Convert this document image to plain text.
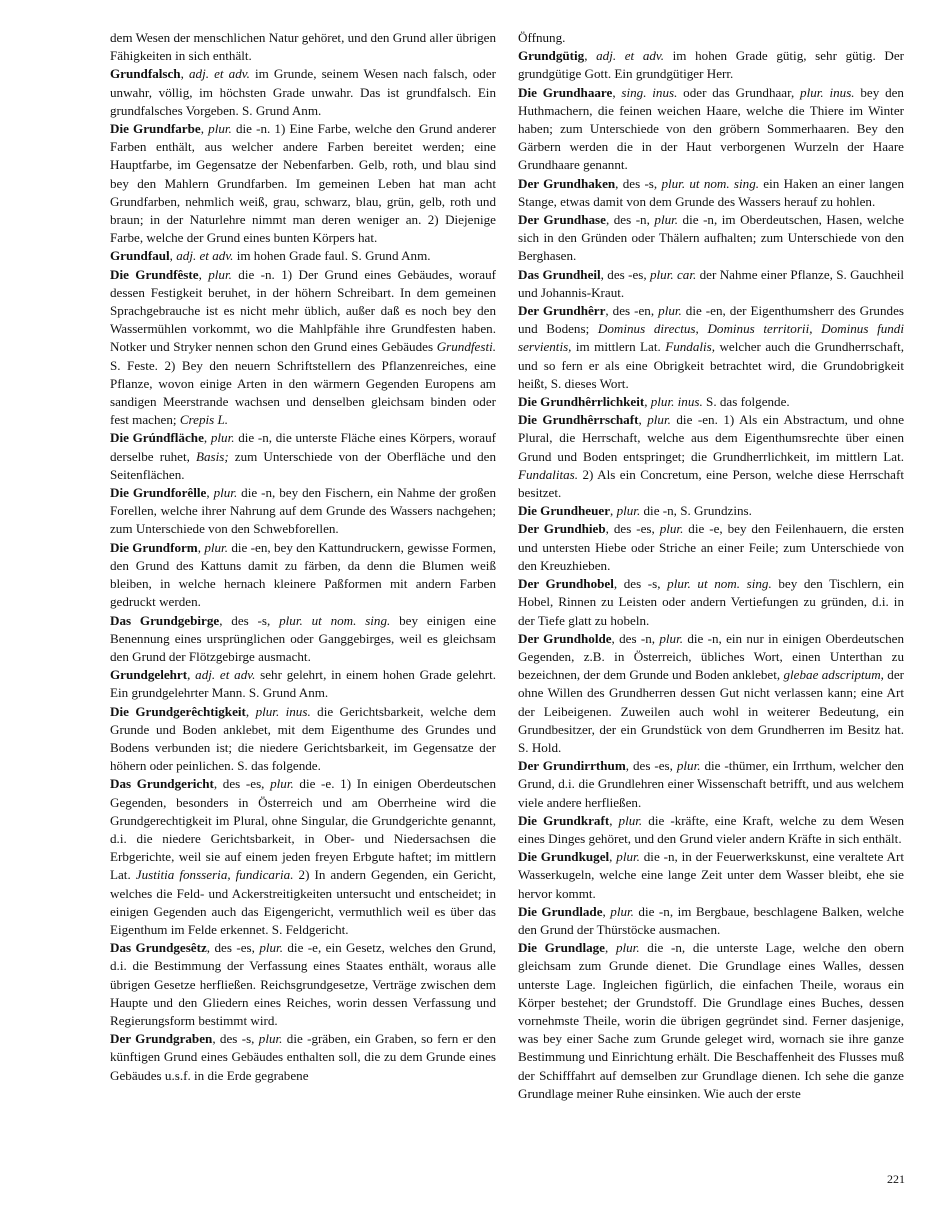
dem Wesen der menschlichen Natur gehöret, und den Grund aller übrigen Fähigkeiten in sich enthält.

Grundfalsch, adj. et adv. im Grunde, seinem Wesen nach falsch, oder unwahr, völlig, im höchsten Grade unwahr. Das ist grundfalsch. Ein grundfalsches Vorgeben. S. Grund Anm.

Die Grundfarbe, plur. die -n. 1) Eine Farbe, welche den Grund anderer Farben enthält, aus welcher andere Farben bereitet werden; eine Hauptfarbe, im Gegensatze der Nebenfarben. Gelb, roth, und blau sind bey den Mahlern Grundfarben. Im gemeinen Leben hat man acht Grundfarben, nehmlich weiß, grau, schwarz, blau, grün, gelb, roth und braun; in der Naturlehre nimmt man deren weniger an. 2) Diejenige Farbe, welche der Grund eines bunten Körpers hat.

Grundfaul, adj. et adv. im hohen Grade faul. S. Grund Anm.

Die Grundfêste, plur. die -n. 1) Der Grund eines Gebäudes, worauf dessen Festigkeit beruhet, in der höhern Schreibart. In dem gemeinen Sprachgebrauche ist es nicht mehr üblich, außer daß es noch bey den Wassermühlen vorkommt, wo die Mahlpfähle ihre Grundfesten haben. Notker und Stryker nennen schon den Grund eines Gebäudes Grundfesti. S. Feste. 2) Bey den neuern Schriftstellern des Pflanzenreiches, eine Pflanze, wovon einige Arten in den wärmern Gegenden Europens am sandigen Meerstrande wachsen und denselben gleichsam binden oder fest machen; Crepis L.

Die Grúndfläche, plur. die -n, die unterste Fläche eines Körpers, worauf derselbe ruhet, Basis; zum Unterschiede von der Oberfläche und den Seitenflächen.

Die Grundforêlle, plur. die -n, bey den Fischern, ein Nahme der großen Forellen, welche ihrer Nahrung auf dem Grunde des Wassers nachgehen; zum Unterschiede von den Schwebforellen.

Die Grundform, plur. die -en, bey den Kattundruckern, gewisse Formen, den Grund des Kattuns damit zu färben, da denn die Blumen weiß bleiben, in welche hernach kleinere Paßformen mit andern Farben gedruckt werden.

Das Grundgebirge, des -s, plur. ut nom. sing. bey einigen eine Benennung eines ursprünglichen oder Ganggebirges, weil es gleichsam den Grund der Flötzgebirge ausmacht.

Grundgelehrt, adj. et adv. sehr gelehrt, in einem hohen Grade gelehrt. Ein grundgelehrter Mann. S. Grund Anm.

Die Grundgerêchtigkeit, plur. inus. die Gerichtsbarkeit, welche dem Grunde und Boden anklebet, mit dem Eigenthume des Grundes und Bodens verbunden ist; die niedere Gerichtsbarkeit, im Gegensatze der höhern oder peinlichen. S. das folgende.

Das Grundgericht, des -es, plur. die -e. 1) In einigen Oberdeutschen Gegenden, besonders in Österreich und am Oberrheine wird die Grundgerechtigkeit im Plural, ohne Singular, die Grundgerichte genannt, d.i. die niedere Gerichtsbarkeit, in Ober- und Niedersachsen die Erbgerichte, weil sie auf einem jeden freyen Erbgute haftet; im mittlern Lat. Justitia fonsseria, fundicaria. 2) In andern Gegenden, ein Gericht, welches die Feld- und Ackerstreitigkeiten untersucht und entscheidet; in einigen Gegenden auch das Eigengericht, vermuthlich weil es über das Eigenthum im Felde erkennet. S. Feldgericht.

Das Grundgesêtz, des -es, plur. die -e, ein Gesetz, welches den Grund, d.i. die Bestimmung der Verfassung eines Staates enthält, woraus alle übrigen Gesetze herfließen. Reichsgrundgesetze, Verträge zwischen dem Haupte und den Gliedern eines Reiches, worin dessen Verfassung und Regierungsform bestimmt wird.

Der Grundgraben, des -s, plur. die -gräben, ein Graben, so fern er den künftigen Grund eines Gebäudes enthalten soll, die zu dem Grunde eines Gebäudes u.s.f. in die Erde gegrabene

Öffnung.

Grundgütig, adj. et adv. im hohen Grade gütig, sehr gütig. Der grundgütige Gott. Ein grundgütiger Herr.

Die Grundhaare, sing. inus. oder das Grundhaar, plur. inus. bey den Huthmachern, die feinen weichen Haare, welche die Thiere im Winter haben; zum Unterschiede von den gröbern Sommerhaaren. Bey den Gärbern werden die in der Haut verborgenen Wurzeln der Haare Grundhaare genannt.

Der Grundhaken, des -s, plur. ut nom. sing. ein Haken an einer langen Stange, etwas damit von dem Grunde des Wassers herauf zu hohlen.

Der Grundhase, des -n, plur. die -n, im Oberdeutschen, Hasen, welche sich in den Gründen oder Thälern aufhalten; zum Unterschiede von den Berghasen.

Das Grundheil, des -es, plur. car. der Nahme einer Pflanze, S. Gauchheil und Johannis-Kraut.

Der Grundhêrr, des -en, plur. die -en, der Eigenthumsherr des Grundes und Bodens; Dominus directus, Dominus territorii, Dominus fundi servientis, im mittlern Lat. Fundalis, welcher auch die Grundherrschaft, und so fern er als eine Obrigkeit betrachtet wird, die Grundobrigkeit heißt, S. dieses Wort.

Die Grundhêrrlichkeit, plur. inus. S. das folgende.

Die Grundhêrrschaft, plur. die -en. 1) Als ein Abstractum, und ohne Plural, die Herrschaft, welche aus dem Eigenthumsrechte über einen Grund und Boden entspringet; die Grundherrlichkeit, im mittlern Lat. Fundalitas. 2) Als ein Concretum, eine Person, welche diese Herrschaft besitzet.

Die Grundheuer, plur. die -n, S. Grundzins.

Der Grundhieb, des -es, plur. die -e, bey den Feilenhauern, die ersten und untersten Hiebe oder Striche an einer Feile; zum Unterschiede von den Kreuzhieben.

Der Grundhobel, des -s, plur. ut nom. sing. bey den Tischlern, ein Hobel, Rinnen zu Leisten oder andern Vertiefungen zu gründen, d.i. in der Tiefe glatt zu hobeln.

Der Grundholde, des -n, plur. die -n, ein nur in einigen Oberdeutschen Gegenden, z.B. in Österreich, übliches Wort, einen Unterthan zu bezeichnen, der dem Grunde und Boden anklebet, glebae adscriptum, der ohne Willen des Grundherren dessen Gut nicht verlassen kann; eine Art der Leibeigenen. Zuweilen auch wohl in weiterer Bedeutung, ein Grundbesitzer, der ein Grundstück von dem Grundherren im Besitz hat. S. Hold.

Der Grundirrthum, des -es, plur. die -thümer, ein Irrthum, welcher den Grund, d.i. die Grundlehren einer Wissenschaft betrifft, und aus welchem viele andere herfließen.

Die Grundkraft, plur. die -kräfte, eine Kraft, welche zu dem Wesen eines Dinges gehöret, und den Grund vieler andern Kräfte in sich enthält.

Die Grundkugel, plur. die -n, in der Feuerwerkskunst, eine veraltete Art Wasserkugeln, welche eine lange Zeit unter dem Wasser bleibt, ehe sie hervor kommt.

Die Grundlade, plur. die -n, im Bergbaue, beschlagene Balken, welche den Grund der Thürstöcke ausmachen.

Die Grundlage, plur. die -n, die unterste Lage, welche den obern gleichsam zum Grunde dienet. Die Grundlage eines Walles, dessen unterste Lage. Ingleichen figürlich, die einfachen Theile, woraus ein Körper bestehet; der Grundstoff. Die Grundlage eines Buches, dessen vornehmste Theile, worin die übrigen gegründet sind. Ferner dasjenige, was bey einer Sache zum Grunde geleget wird, wornach sie ihre ganze Bestimmung und Einrichtung erhält. Die Beschaffenheit des Flusses muß der Schifffahrt auf demselben zur Grundlage dienen. Ich sehe die ganze Grundlage meiner Ruhe einsinken. Wie auch der erste

221
